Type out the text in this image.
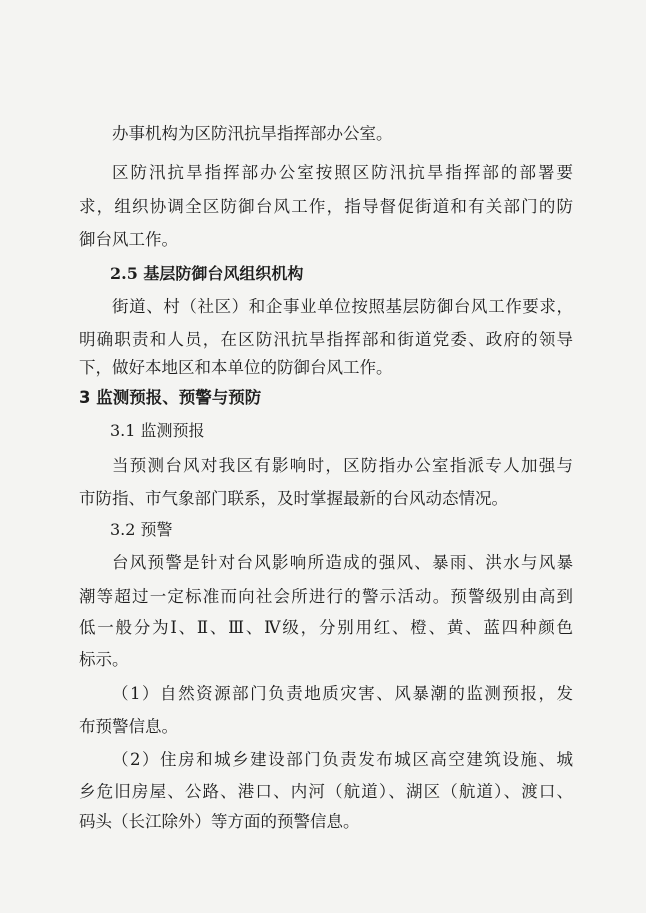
办事机构为区防汛抗旱指挥部办公室。
区防汛抗旱指挥部办公室按照区防汛抗旱指挥部的部署要
求，组织协调全区防御台风工作，指导督促街道和有关部门的防
御台风工作。
2.5 基层防御台风组织机构
街道、村（社区）和企事业单位按照基层防御台风工作要求，
明确职责和人员，在区防汛抗旱指挥部和街道党委、政府的领导
下，做好本地区和本单位的防御台风工作。
3 监测预报、预警与预防
3.1 监测预报
当预测台风对我区有影响时，区防指办公室指派专人加强与
市防指、市气象部门联系，及时掌握最新的台风动态情况。
3.2 预警
台风预警是针对台风影响所造成的强风、暴雨、洪水与风暴
潮等超过一定标准而向社会所进行的警示活动。预警级别由高到
低一般分为Ⅰ、Ⅱ、Ⅲ、Ⅳ级，分别用红、橙、黄、蓝四种颜色
标示。
（1）自然资源部门负责地质灾害、风暴潮的监测预报，发
布预警信息。
（2）住房和城乡建设部门负责发布城区高空建筑设施、城
乡危旧房屋、公路、港口、内河（航道）、湖区（航道）、渡口、
码头（长江除外）等方面的预警信息。
